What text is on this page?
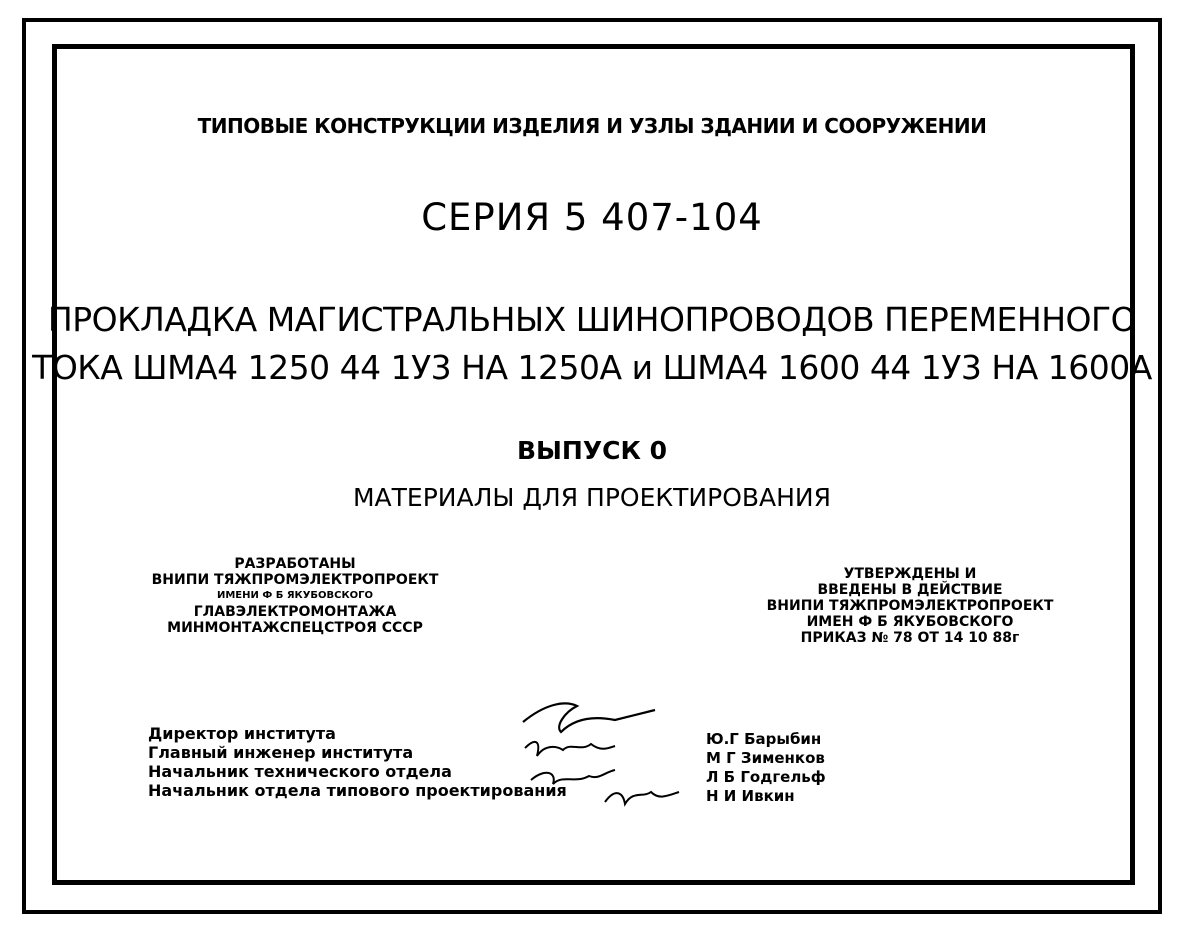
ТИПОВЫЕ КОНСТРУКЦИИ ИЗДЕЛИЯ И УЗЛЫ ЗДАНИИ И СООРУЖЕНИИ
СЕРИЯ 5 407-104
ПРОКЛАДКА МАГИСТРАЛЬНЫХ ШИНОПРОВОДОВ ПЕРЕМЕННОГО
ТОКА ШМА4 1250 44 1У3 НА 1250А и ШМА4 1600 44 1У3 НА 1600А
ВЫПУСК 0
МАТЕРИАЛЫ ДЛЯ ПРОЕКТИРОВАНИЯ
РАЗРАБОТАНЫ
ВНИПИ ТЯЖПРОМЭЛЕКТРОПРОЕКТ
ИМЕНИ Ф Б ЯКУБОВСКОГО
ГЛАВЭЛЕКТРОМОНТАЖА
МИНМОНТАЖСПЕЦСТРОЯ СССР
УТВЕРЖДЕНЫ И
ВВЕДЕНЫ В ДЕЙСТВИЕ
ВНИПИ ТЯЖПРОМЭЛЕКТРОПРОЕКТ
ИМЕН Ф Б ЯКУБОВСКОГО
ПРИКАЗ № 78 ОТ 14 10 88г
Директор института
Главный инженер института
Начальник технического отдела
Начальник отдела типового проектирования
Ю.Г Барыбин
М Г Зименков
Л Б Годгельф
Н И Ивкин
